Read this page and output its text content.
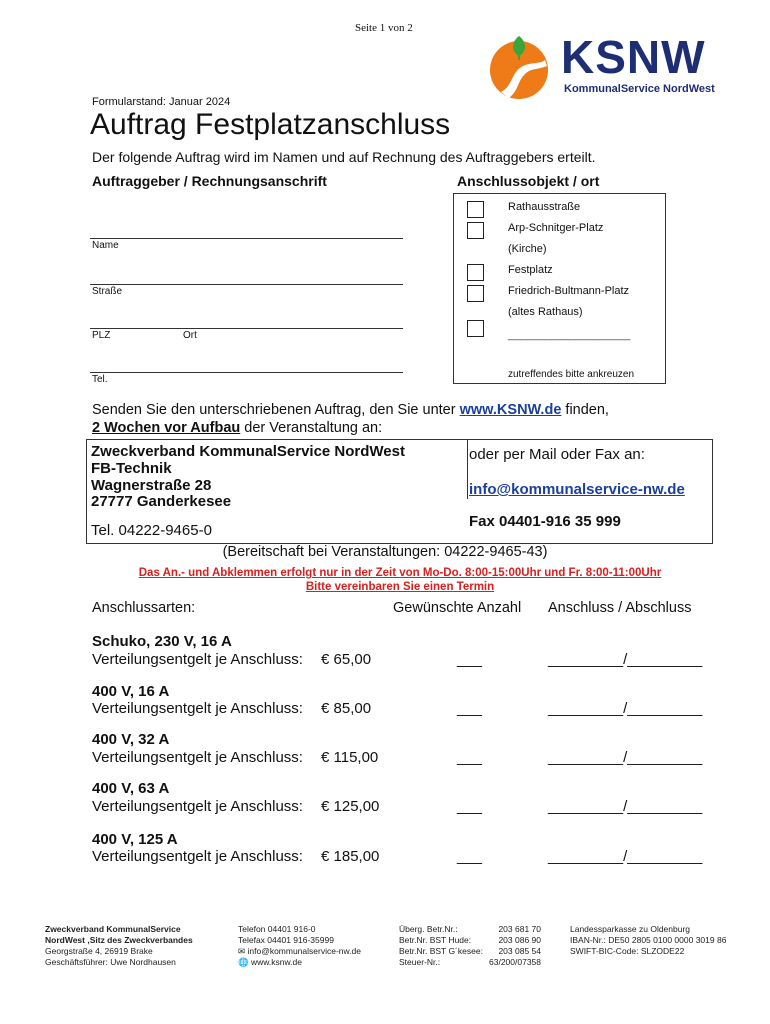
Seite 1 von 2
KSNW
KommunalService NordWest
Formularstand: Januar 2024
Auftrag Festplatzanschluss
Der folgende Auftrag wird im Namen und auf Rechnung des Auftraggebers erteilt.
Auftraggeber / Rechnungsanschrift
Name
Straße
PLZ	Ort
Tel.
Anschlussobjekt / ort
Rathausstraße
Arp-Schnitger-Platz
(Kirche)
Festplatz
Friedrich-Bultmann-Platz
(altes Rathaus)
____________________
zutreffendes bitte ankreuzen
Senden Sie den unterschriebenen Auftrag, den Sie unter www.KSNW.de finden,
2 Wochen vor Aufbau der Veranstaltung an:
Zweckverband KommunalService NordWest
FB-Technik
Wagnerstraße 28
27777 Ganderkesee
Tel. 04222-9465-0
oder per Mail oder Fax an:
info@kommunalservice-nw.de
Fax 04401-916 35 999
(Bereitschaft bei Veranstaltungen: 04222-9465-43)
Das An.- und Abklemmen erfolgt nur in der Zeit von Mo-Do. 8:00-15:00Uhr und Fr. 8:00-11:00Uhr
Bitte vereinbaren Sie einen Termin
Anschlussarten:	Gewünschte Anzahl Anschluss / Abschluss
Schuko, 230 V, 16 A
Verteilungsentgelt je Anschluss: € 65,00	___	_________/_________
400 V, 16 A
Verteilungsentgelt je Anschluss: € 85,00	___	_________/_________
400 V, 32 A
Verteilungsentgelt je Anschluss: € 115,00	___	_________/_________
400 V, 63 A
Verteilungsentgelt je Anschluss: € 125,00	___	_________/_________
400 V, 125 A
Verteilungsentgelt je Anschluss: € 185,00	___	_________/_________
Zweckverband KommunalService
NordWest ,Sitz des Zweckverbandes
Georgstraße 4, 26919 Brake
Geschäftsführer: Uwe Nordhausen
Telefon 04401 916-0
Telefax 04401 916-35999
✉ info@kommunalservice-nw.de
🌐 www.ksnw.de
Überg. Betr.Nr.:	203 681 70
Betr.Nr. BST Hude:	203 086 90
Betr.Nr. BST G´kesee: 203 085 54
Steuer-Nr.:	63/200/07358
Landessparkasse zu Oldenburg
IBAN-Nr.: DE50 2805 0100 0000 3019 86
SWIFT-BIC-Code: SLZODE22
